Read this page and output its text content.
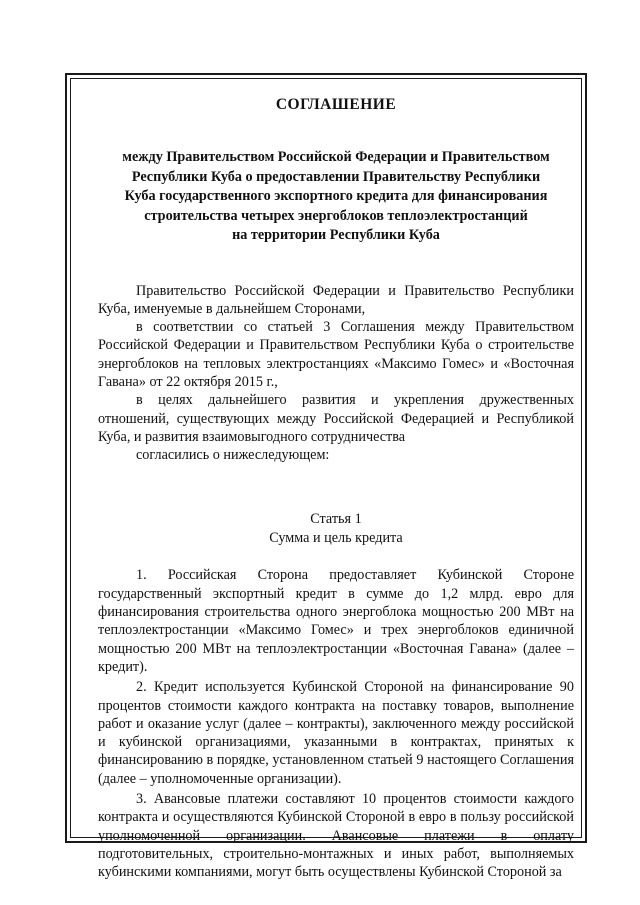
СОГЛАШЕНИЕ
между Правительством Российской Федерации и Правительством
Республики Куба о предоставлении Правительству Республики
Куба государственного экспортного кредита для финансирования
строительства четырех энергоблоков теплоэлектростанций
на территории Республики Куба

Правительство Российской Федерации и Правительство Республики Куба, именуемые в дальнейшем Сторонами,

в соответствии со статьей 3 Соглашения между Правительством Российской Федерации и Правительством Республики Куба о строительстве энергоблоков на тепловых электростанциях «Максимо Гомес» и «Восточная Гавана» от 22 октября 2015 г.,

в целях дальнейшего развития и укрепления дружественных отношений, существующих между Российской Федерацией и Республикой Куба, и развития взаимовыгодного сотрудничества

согласились о нижеследующем:

Статья 1
Сумма и цель кредита

1. Российская Сторона предоставляет Кубинской Стороне государственный экспортный кредит в сумме до 1,2 млрд. евро для финансирования строительства одного энергоблока мощностью 200 МВт на теплоэлектростанции «Максимо Гомес» и трех энергоблоков единичной мощностью 200 МВт на теплоэлектростанции «Восточная Гавана» (далее – кредит).

2. Кредит используется Кубинской Стороной на финансирование 90 процентов стоимости каждого контракта на поставку товаров, выполнение работ и оказание услуг (далее – контракты), заключенного между российской и кубинской организациями, указанными в контрактах, принятых к финансированию в порядке, установленном статьей 9 настоящего Соглашения (далее – уполномоченные организации).

3. Авансовые платежи составляют 10 процентов стоимости каждого контракта и осуществляются Кубинской Стороной в евро в пользу российской уполномоченной организации. Авансовые платежи в оплату подготовительных, строительно-монтажных и иных работ, выполняемых кубинскими компаниями, могут быть осуществлены Кубинской Стороной за
